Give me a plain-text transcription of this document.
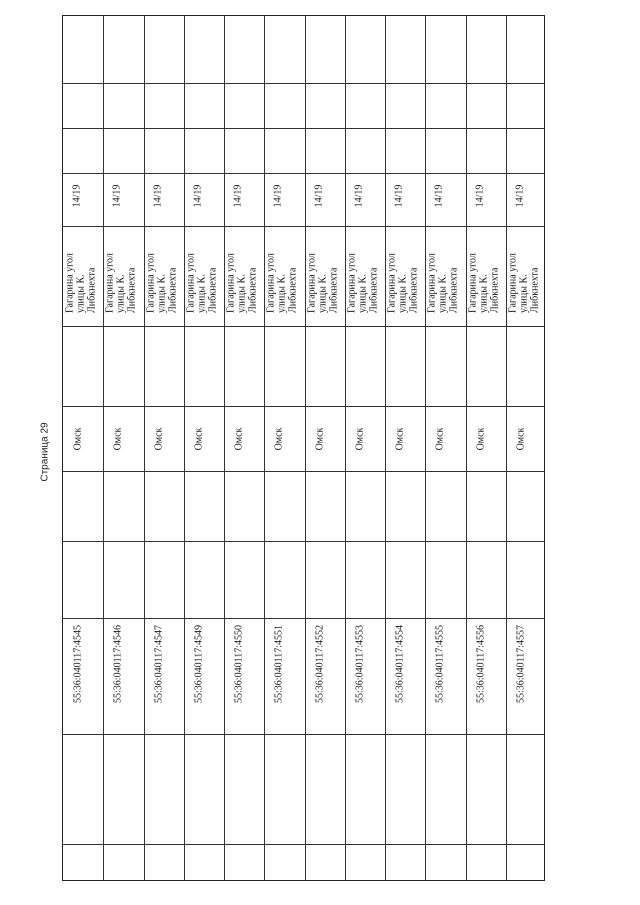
Страница 29
14/19
Гагарина угол улицы К. Либкнехта
Омск
55:36:040117:4545
14/19
Гагарина угол улицы К. Либкнехта
Омск
55:36:040117:4546
14/19
Гагарина угол улицы К. Либкнехта
Омск
55:36:040117:4547
14/19
Гагарина угол улицы К. Либкнехта
Омск
55:36:040117:4549
14/19
Гагарина угол улицы К. Либкнехта
Омск
55:36:040117:4550
14/19
Гагарина угол улицы К. Либкнехта
Омск
55:36:040117:4551
14/19
Гагарина угол улицы К. Либкнехта
Омск
55:36:040117:4552
14/19
Гагарина угол улицы К. Либкнехта
Омск
55:36:040117:4553
14/19
Гагарина угол улицы К. Либкнехта
Омск
55:36:040117:4554
14/19
Гагарина угол улицы К. Либкнехта
Омск
55:36:040117:4555
14/19
Гагарина угол улицы К. Либкнехта
Омск
55:36:040117:4556
14/19
Гагарина угол улицы К. Либкнехта
Омск
55:36:040117:4557
